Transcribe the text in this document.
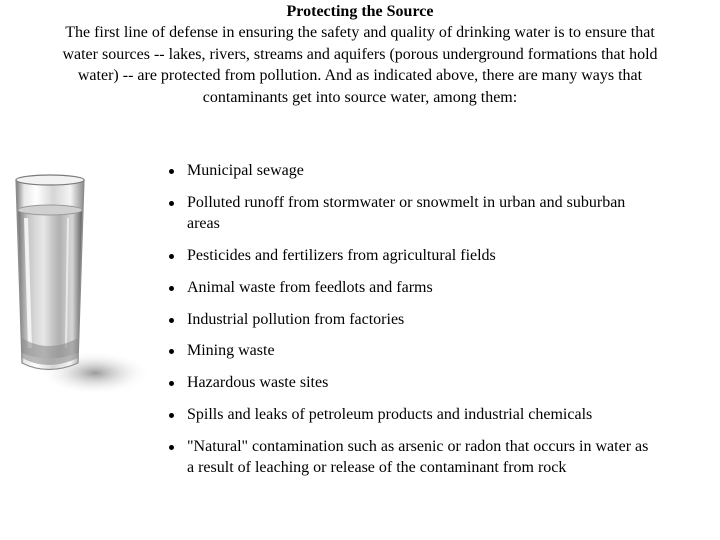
Protecting the Source
The first line of defense in ensuring the safety and quality of drinking water is to ensure that water sources -- lakes, rivers, streams and aquifers (porous underground formations that hold water) -- are protected from pollution. And as indicated above, there are many ways that contaminants get into source water, among them:
Municipal sewage
Polluted runoff from stormwater or snowmelt in urban and suburban areas
Pesticides and fertilizers from agricultural fields
Animal waste from feedlots and farms
Industrial pollution from factories
Mining waste
Hazardous waste sites
Spills and leaks of petroleum products and industrial chemicals
"Natural" contamination such as arsenic or radon that occurs in water as a result of leaching or release of the contaminant from rock
